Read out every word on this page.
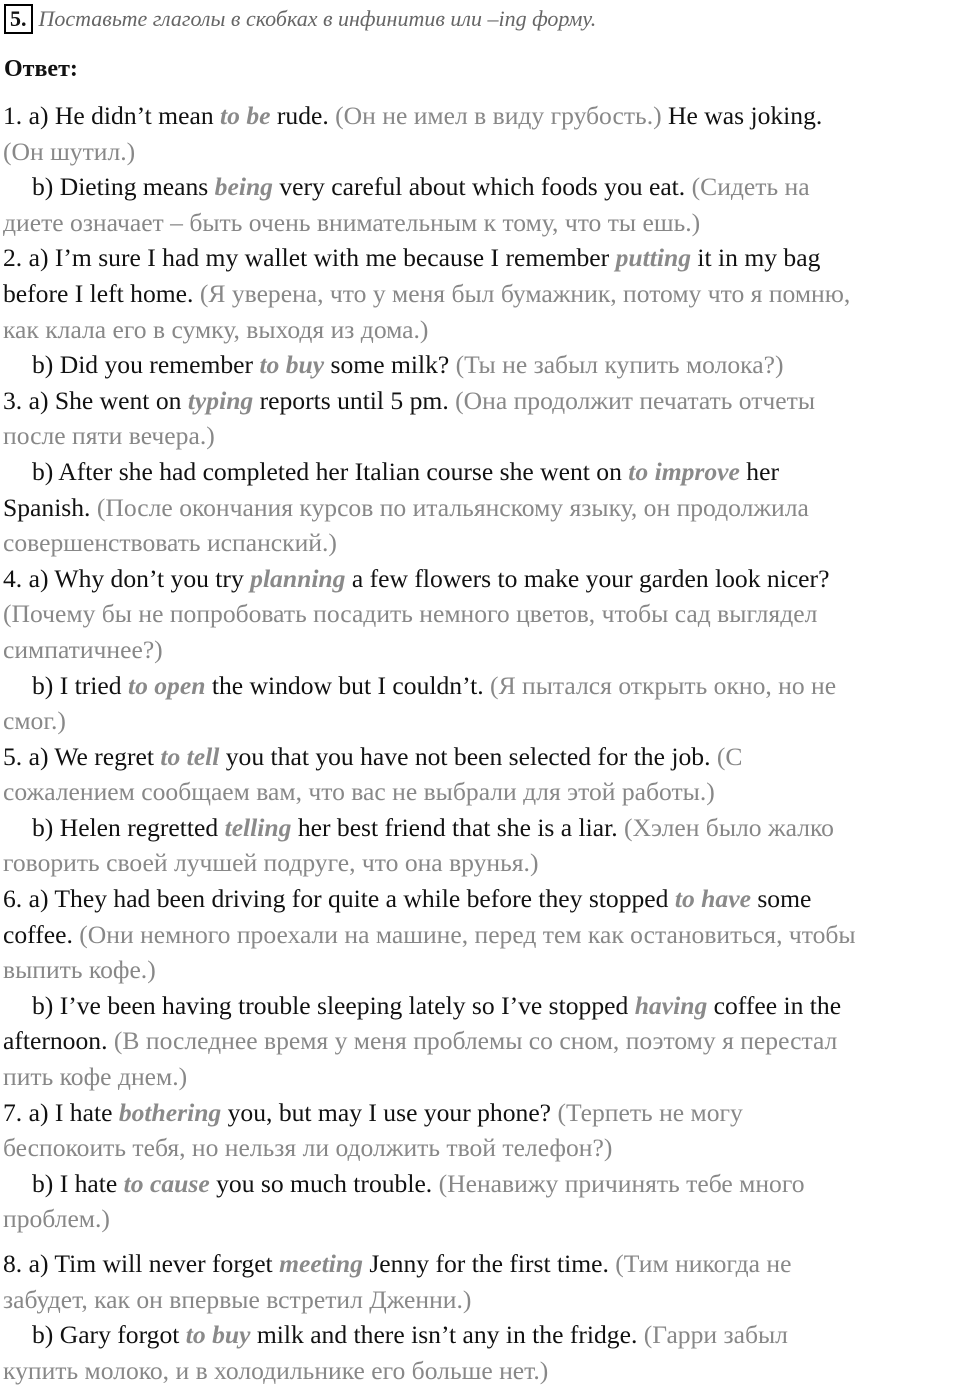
5. Поставьте глаголы в скобках в инфинитив или –ing форму.
Ответ:
1. a) He didn’t mean to be rude. (Он не имел в виду грубость.) He was joking.
(Он шутил.)
b) Dieting means being very careful about which foods you eat. (Сидеть на
диете означает – быть очень внимательным к тому, что ты ешь.)
2. a) I’m sure I had my wallet with me because I remember putting it in my bag
before I left home. (Я уверена, что у меня был бумажник, потому что я помню,
как клала его в сумку, выходя из дома.)
b) Did you remember to buy some milk? (Ты не забыл купить молока?)
3. a) She went on typing reports until 5 pm. (Она продолжит печатать отчеты
после пяти вечера.)
b) After she had completed her Italian course she went on to improve her
Spanish. (После окончания курсов по итальянскому языку, он продолжила
совершенствовать испанский.)
4. a) Why don’t you try planning a few flowers to make your garden look nicer?
(Почему бы не попробовать посадить немного цветов, чтобы сад выглядел
симпатичнее?)
b) I tried to open the window but I couldn’t. (Я пытался открыть окно, но не
смог.)
5. a) We regret to tell you that you have not been selected for the job. (С
сожалением сообщаем вам, что вас не выбрали для этой работы.)
b) Helen regretted telling her best friend that she is a liar. (Хэлен было жалко
говорить своей лучшей подруге, что она врунья.)
6. a) They had been driving for quite a while before they stopped to have some
coffee. (Они немного проехали на машине, перед тем как остановиться, чтобы
выпить кофе.)
b) I’ve been having trouble sleeping lately so I’ve stopped having coffee in the
afternoon. (В последнее время у меня проблемы со сном, поэтому я перестал
пить кофе днем.)
7. a) I hate bothering you, but may I use your phone? (Терпеть не могу
беспокоить тебя, но нельзя ли одолжить твой телефон?)
b) I hate to cause you so much trouble. (Ненавижу причинять тебе много
проблем.)
8. a) Tim will never forget meeting Jenny for the first time. (Тим никогда не
забудет, как он впервые встретил Дженни.)
b) Gary forgot to buy milk and there isn’t any in the fridge. (Гарри забыл
купить молоко, и в холодильнике его больше нет.)
